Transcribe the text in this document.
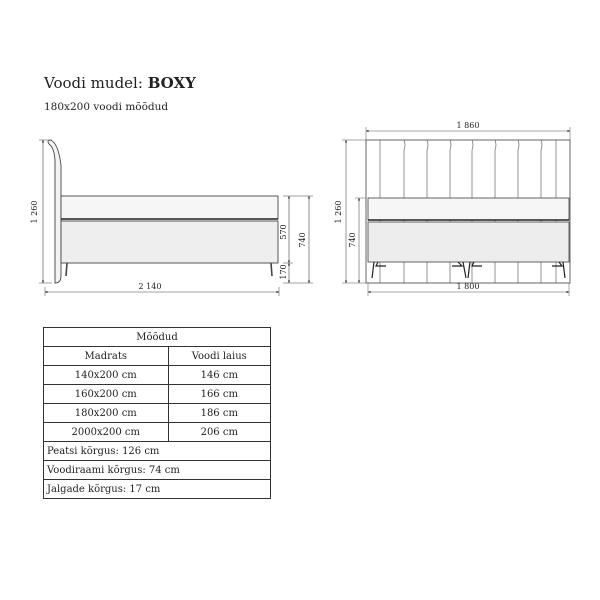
Voodi mudel: BOXY
180x200 voodi mõõdud
1 260
2 140
570
170
740
1 860
1 800
1 260
740
Mõõdud	
Madrats	Voodi laius
140x200 cm	146 cm
160x200 cm	166 cm
180x200 cm	186 cm
2000x200 cm	206 cm
Peatsi kõrgus: 126 cm	
Voodiraami kõrgus: 74 cm	
Jalgade kõrgus: 17 cm	
